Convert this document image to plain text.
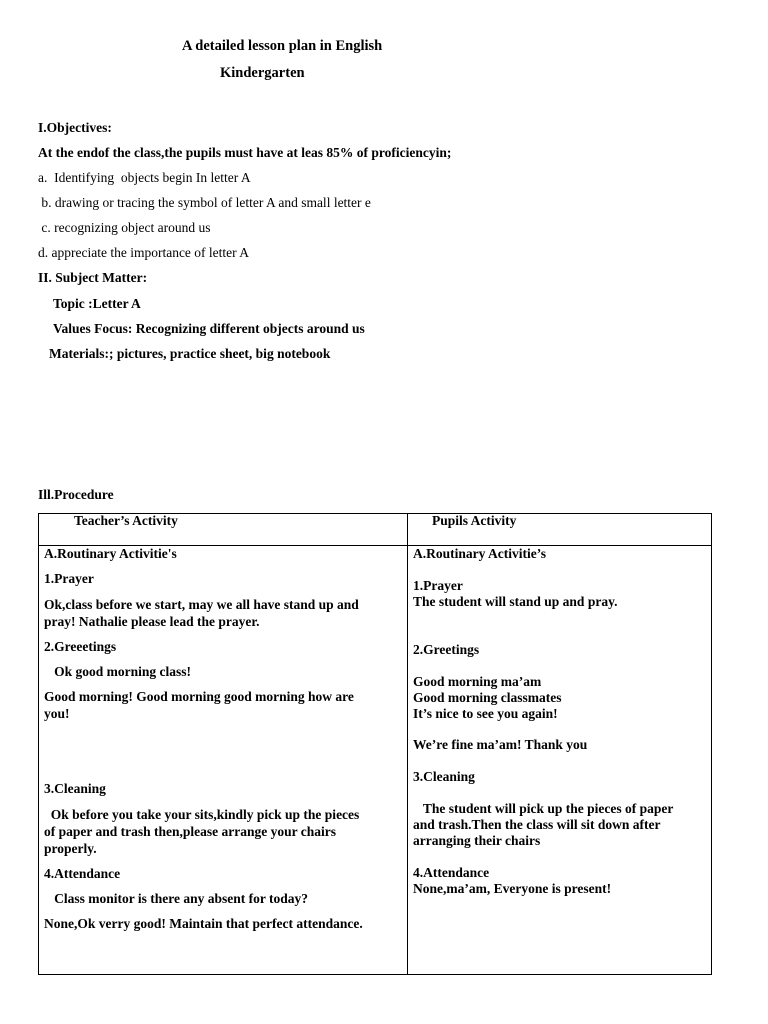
A detailed lesson plan in English
Kindergarten
I.Objectives:
At the endof the class,the pupils must have at leas 85% of proficiencyin;
a.  Identifying  objects begin In letter A
b. drawing or tracing the symbol of letter A and small letter e
c. recognizing object around us
d. appreciate the importance of letter A
II. Subject Matter:
Topic :Letter A
Values Focus: Recognizing different objects around us
Materials:; pictures, practice sheet, big notebook
Ill.Procedure
Teacher’s Activity	Pupils Activity
A.Routinary Activitie's
1.Prayer
Ok,class before we start, may we all have stand up and
pray! Nathalie please lead the prayer.
2.Greeetings
Ok good morning class!
Good morning! Good morning good morning how are
you!
3.Cleaning
Ok before you take your sits,kindly pick up the pieces
of paper and trash then,please arrange your chairs
properly.
4.Attendance
Class monitor is there any absent for today?
None,Ok verry good! Maintain that perfect attendance.
A.Routinary Activitie’s
1.Prayer
The student will stand up and pray.
2.Greetings
Good morning ma’am
Good morning classmates
It’s nice to see you again!
We’re fine ma’am! Thank you
3.Cleaning
The student will pick up the pieces of paper
and trash.Then the class will sit down after
arranging their chairs
4.Attendance
None,ma’am, Everyone is present!
